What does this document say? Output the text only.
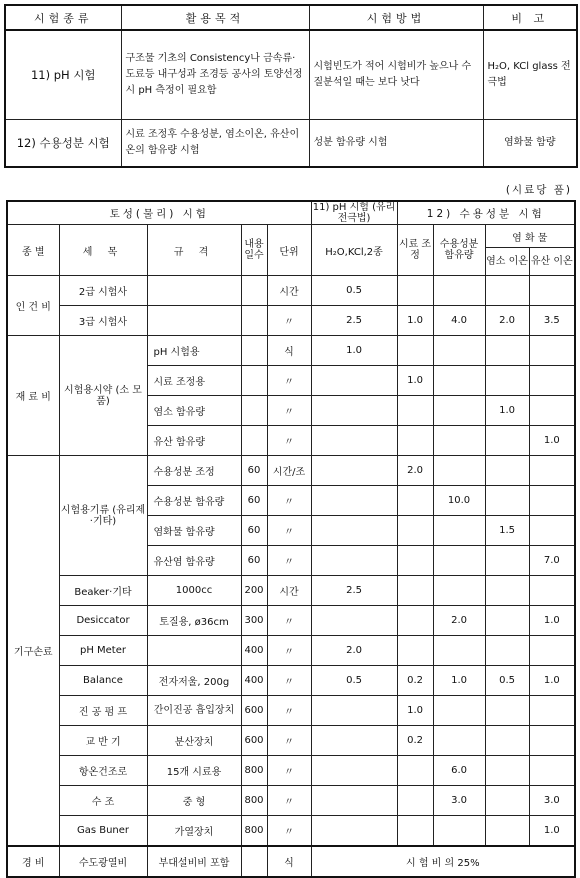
시험종류	활용목적	시험방법	비 고
11) pH 시험	구조물 기초의 Consistency나 금속류·도료등 내구성과 조경등 공사의 토양선정시 pH 측정이 필요함	시험빈도가 적어 시험비가 높으나 수질분석일 때는 보다 낫다	H₂O, KCl glass 전극법
12) 수용성분 시험	시료 조정후 수용성분, 염소이온, 유산이온의 함유량 시험	성분 함유량 시험	염화물 함량
(시료당 품)
토성(물리) 시험					11) pH 시험 (유리전극법)	12) 수용성분 시험			
종 별	세 목	규 격	내용 일수	단위	H₂O,KCl,2종	시료 조정	수용성분 함유량	염 화 물	
								염소 이온	유산 이온
인 건 비	2급 시험사			시간	0.5				
	3급 시험사			〃	2.5	1.0	4.0	2.0	3.5
재 료 비	시험용시약 (소 모 품)	pH 시험용		식	1.0				
		시료 조정용		〃		1.0			
		염소 함유량		〃				1.0	
		유산 함유량		〃					1.0
기구손료	시험용기류 (유리제·기타)	수용성분 조정	60	시간/조		2.0			
		수용성분 함유량	60	〃			10.0		
		염화물 함유량	60	〃				1.5	
		유산염 함유량	60	〃					7.0
	Beaker·기타	1000cc	200	시간	2.5				
	Desiccator	토질용, ø36cm	300	〃			2.0		1.0
	pH Meter		400	〃	2.0				
	Balance	전자저울, 200g	400	〃	0.5	0.2	1.0	0.5	1.0
	진 공 펌 프	간이진공 흡입장치	600	〃		1.0			
	교 반 기	분산장치	600	〃		0.2			
	항온건조로	15개 시료용	800	〃			6.0		
	수 조	중 형	800	〃			3.0		3.0
	Gas Buner	가열장치	800	〃					1.0
경 비	수도광열비	부대설비비 포함		식	시 험 비 의 25%				
